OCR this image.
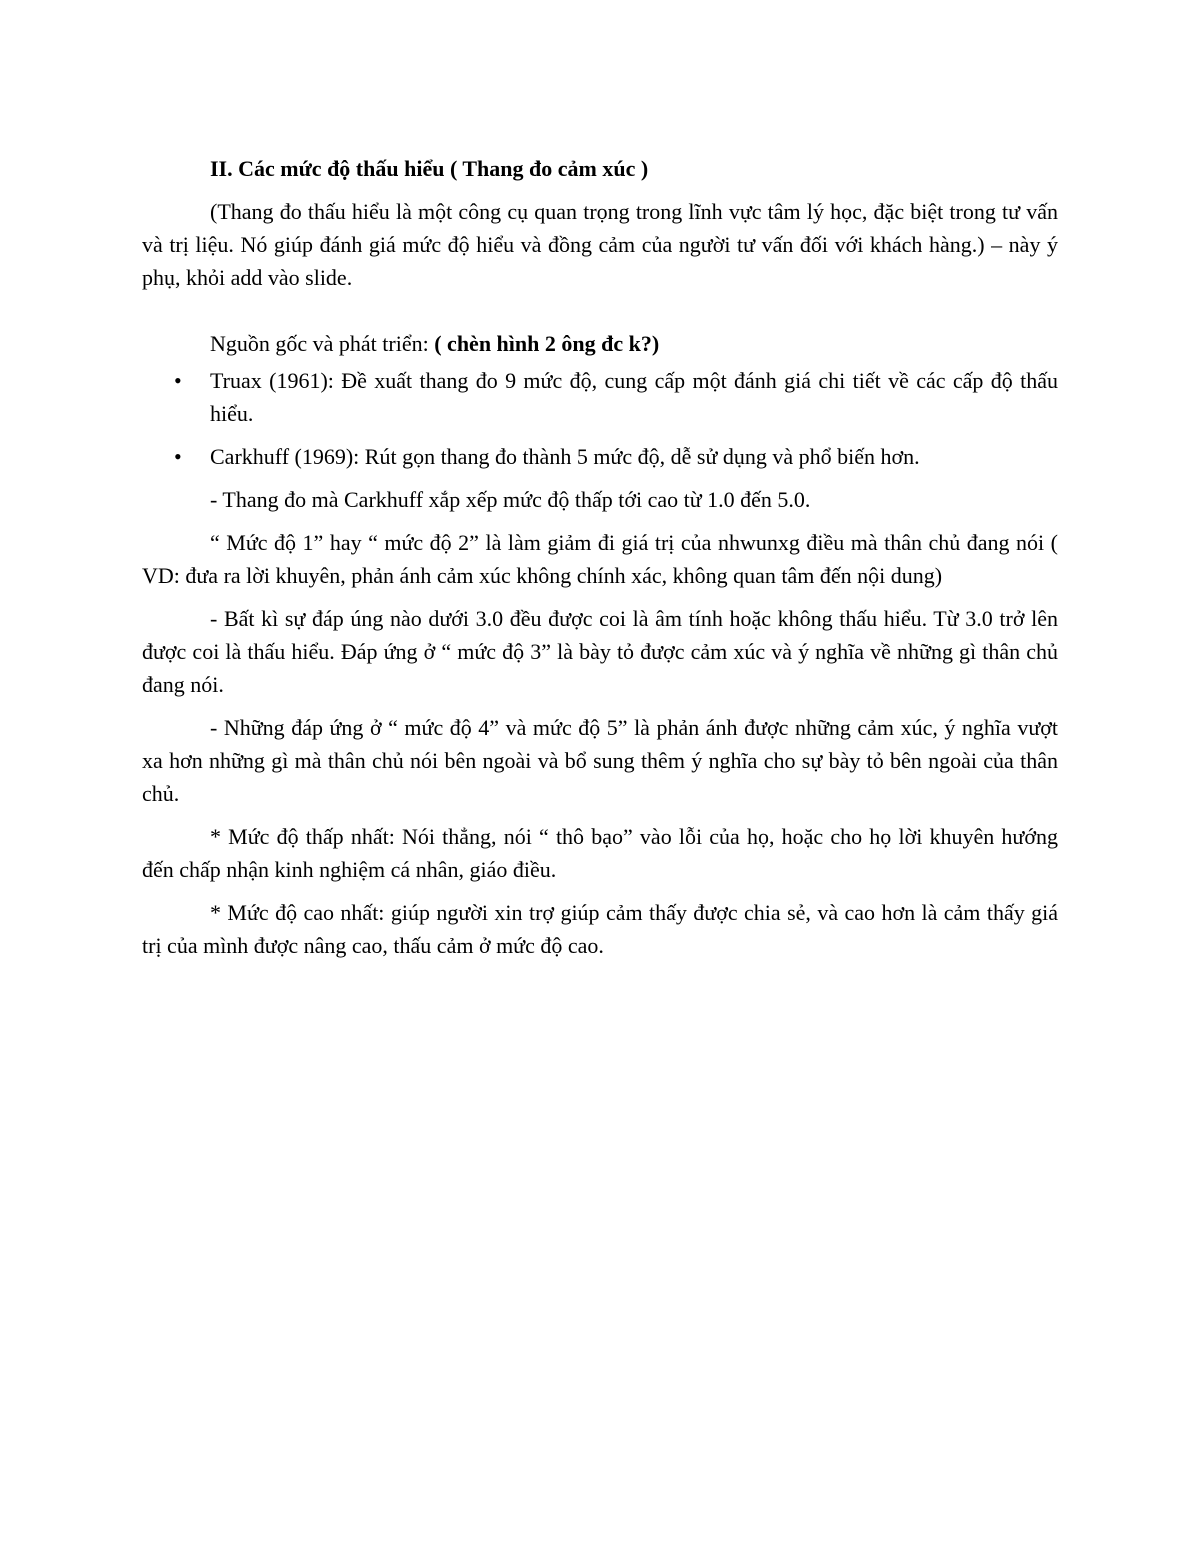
II. Các mức độ thấu hiểu ( Thang đo cảm xúc )

(Thang đo thấu hiểu là một công cụ quan trọng trong lĩnh vực tâm lý học, đặc biệt trong tư vấn và trị liệu. Nó giúp đánh giá mức độ hiểu và đồng cảm của người tư vấn đối với khách hàng.) – này ý phụ, khỏi add vào slide.

Nguồn gốc và phát triển: ( chèn hình 2 ông đc k?)

• Truax (1961): Đề xuất thang đo 9 mức độ, cung cấp một đánh giá chi tiết về các cấp độ thấu hiểu.
• Carkhuff (1969): Rút gọn thang đo thành 5 mức độ, dễ sử dụng và phổ biến hơn.

- Thang đo mà Carkhuff xắp xếp mức độ thấp tới cao từ 1.0 đến 5.0.

“ Mức độ 1” hay “ mức độ 2” là làm giảm đi giá trị của nhwunxg điều mà thân chủ đang nói ( VD: đưa ra lời khuyên, phản ánh cảm xúc không chính xác, không quan tâm đến nội dung)

- Bất kì sự đáp úng nào dưới 3.0 đều được coi là âm tính hoặc không thấu hiểu. Từ 3.0 trở lên được coi là thấu hiểu. Đáp ứng ở “ mức độ 3” là bày tỏ được cảm xúc và ý nghĩa về những gì thân chủ đang nói.

- Những đáp ứng ở “ mức độ 4” và mức độ 5” là phản ánh được những cảm xúc, ý nghĩa vượt xa hơn những gì mà thân chủ nói bên ngoài và bổ sung thêm ý nghĩa cho sự bày tỏ bên ngoài của thân chủ.

* Mức độ thấp nhất: Nói thẳng, nói “ thô bạo” vào lỗi của họ, hoặc cho họ lời khuyên hướng đến chấp nhận kinh nghiệm cá nhân, giáo điều.

* Mức độ cao nhất: giúp người xin trợ giúp cảm thấy được chia sẻ, và cao hơn là cảm thấy giá trị của mình được nâng cao, thấu cảm ở mức độ cao.
